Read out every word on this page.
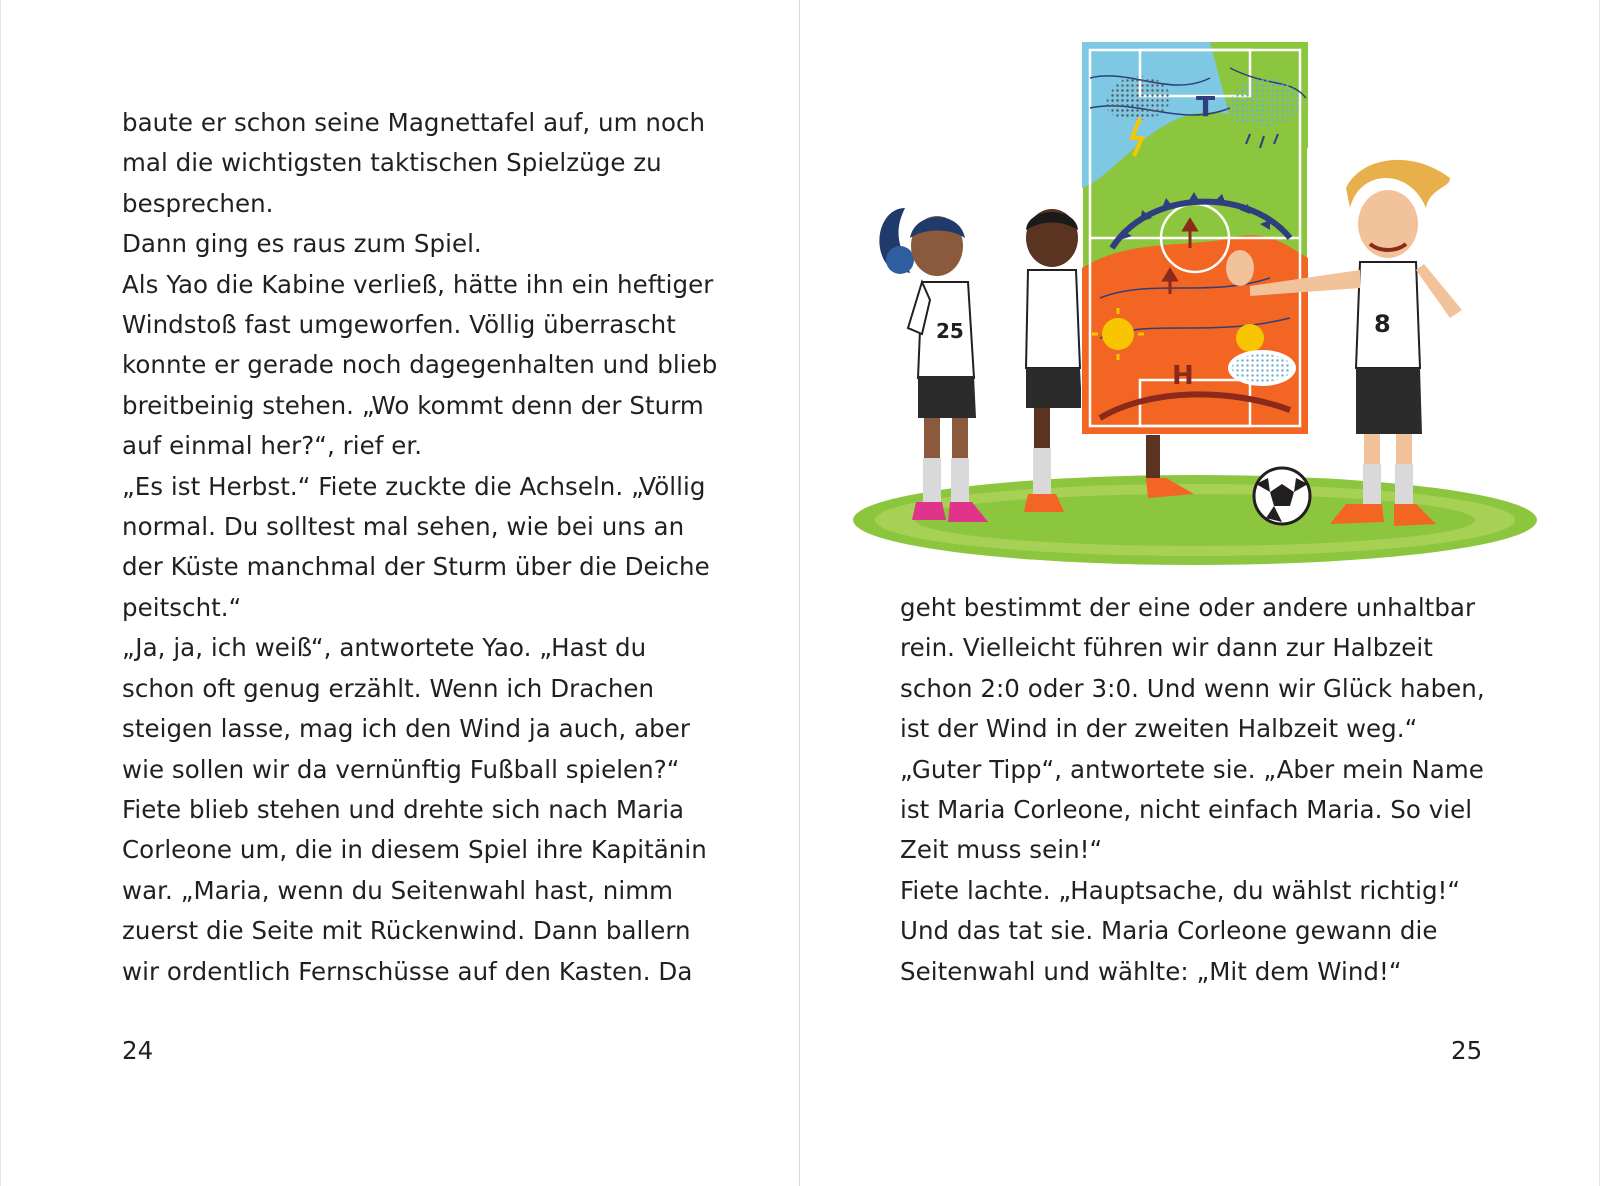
baute er schon seine Magnettafel auf, um noch
mal die wichtigsten taktischen Spielzüge zu
besprechen.
Dann ging es raus zum Spiel.
Als Yao die Kabine verließ, hätte ihn ein heftiger
Windstoß fast umgeworfen. Völlig überrascht
konnte er gerade noch dagegenhalten und blieb
breitbeinig stehen. „Wo kommt denn der Sturm
auf einmal her?“, rief er.
„Es ist Herbst.“ Fiete zuckte die Achseln. „Völlig
normal. Du solltest mal sehen, wie bei uns an
der Küste manchmal der Sturm über die Deiche
peitscht.“
„Ja, ja, ich weiß“, antwortete Yao. „Hast du
schon oft genug erzählt. Wenn ich Drachen
steigen lasse, mag ich den Wind ja auch, aber
wie sollen wir da vernünftig Fußball spielen?“
Fiete blieb stehen und drehte sich nach Maria
Corleone um, die in diesem Spiel ihre Kapitänin
war. „Maria, wenn du Seitenwahl hast, nimm
zuerst die Seite mit Rückenwind. Dann ballern
wir ordentlich Fernschüsse auf den Kasten. Da
24
25
T
H
8
geht bestimmt der eine oder andere unhaltbar
rein. Vielleicht führen wir dann zur Halbzeit
schon 2:0 oder 3:0. Und wenn wir Glück haben,
ist der Wind in der zweiten Halbzeit weg.“
„Guter Tipp“, antwortete sie. „Aber mein Name
ist Maria Corleone, nicht einfach Maria. So viel
Zeit muss sein!“
Fiete lachte. „Hauptsache, du wählst richtig!“
Und das tat sie. Maria Corleone gewann die
Seitenwahl und wählte: „Mit dem Wind!“
25
